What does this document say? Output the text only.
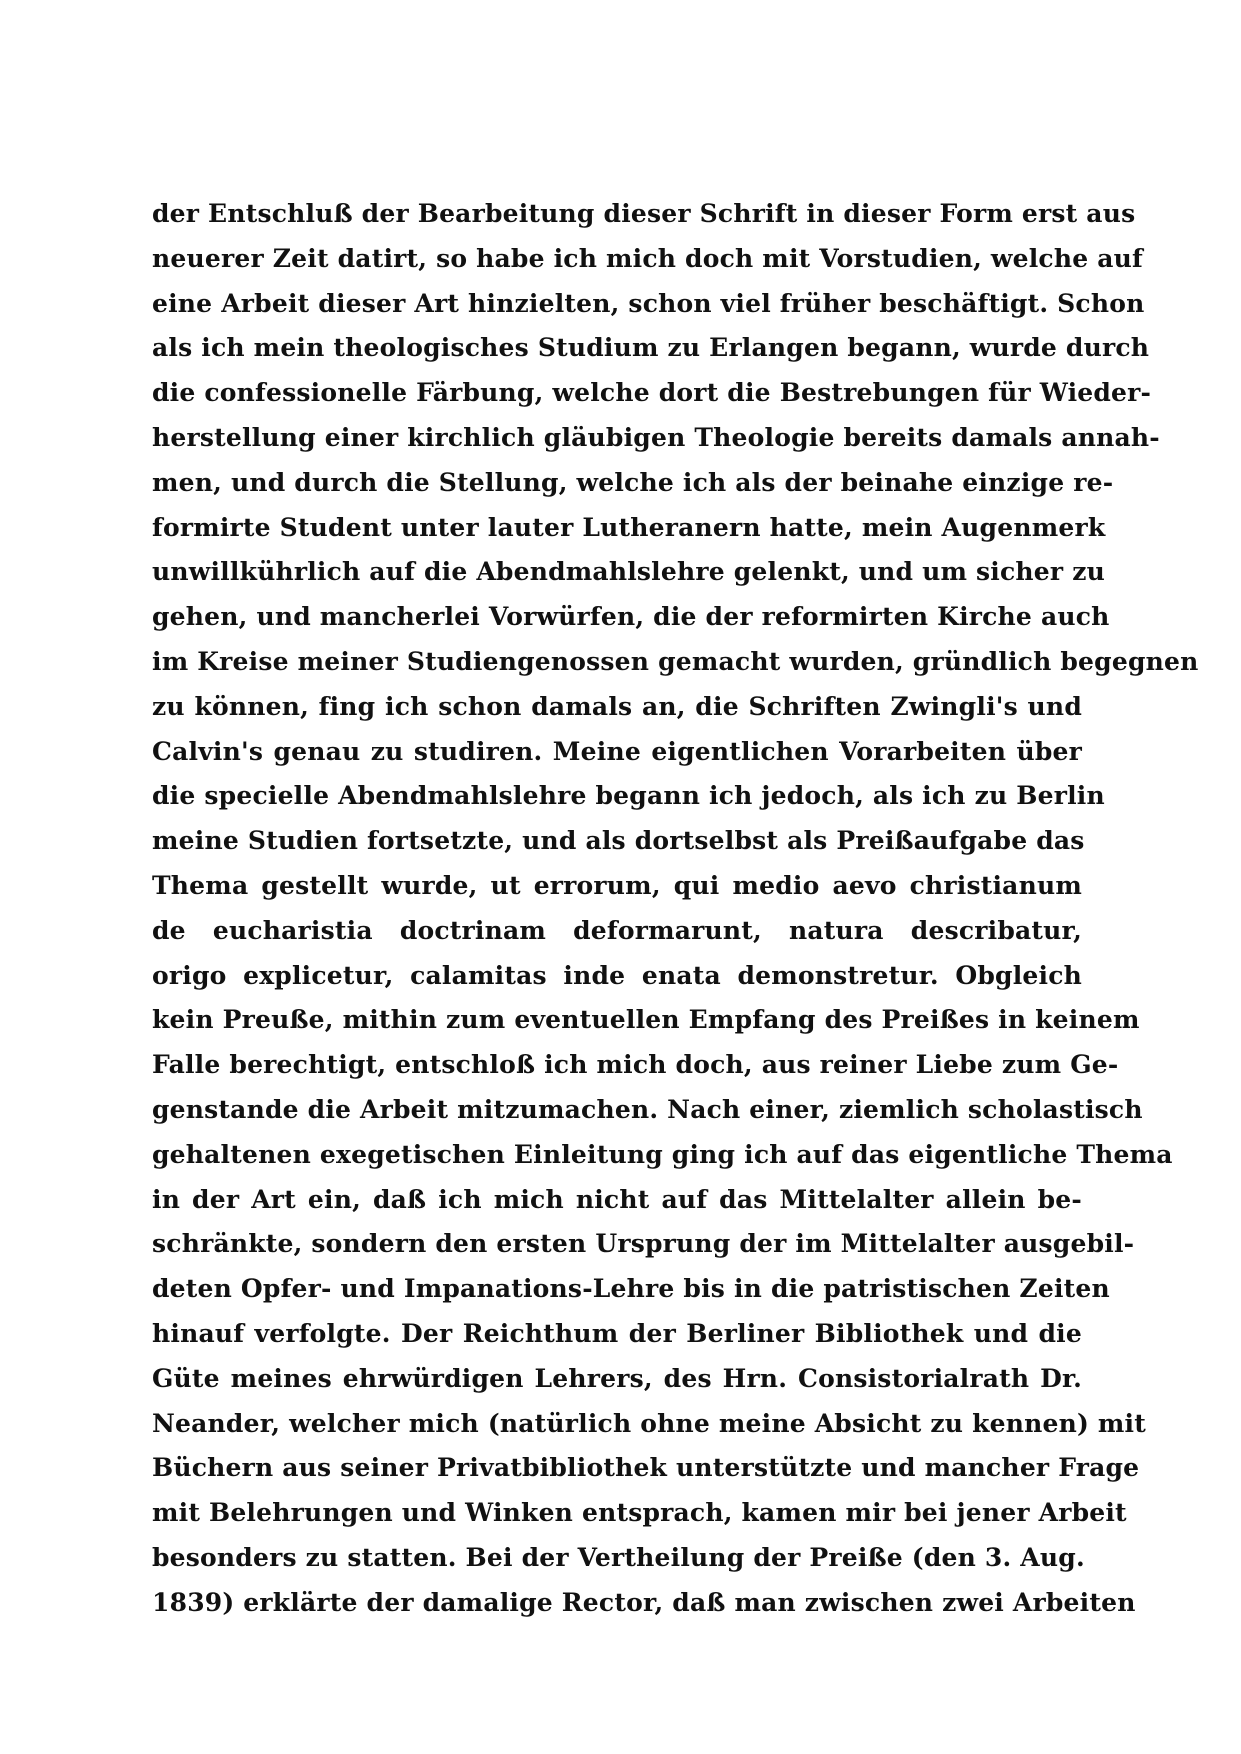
der Entschluß der Bearbeitung dieser Schrift in dieser Form erst aus
neuerer Zeit datirt, so habe ich mich doch mit Vorstudien, welche auf
eine Arbeit dieser Art hinzielten, schon viel früher beschäftigt. Schon
als ich mein theologisches Studium zu Erlangen begann, wurde durch
die confessionelle Färbung, welche dort die Bestrebungen für Wieder-
herstellung einer kirchlich gläubigen Theologie bereits damals annah-
men, und durch die Stellung, welche ich als der beinahe einzige re-
formirte Student unter lauter Lutheranern hatte, mein Augenmerk
unwillkührlich auf die Abendmahlslehre gelenkt, und um sicher zu
gehen, und mancherlei Vorwürfen, die der reformirten Kirche auch
im Kreise meiner Studiengenossen gemacht wurden, gründlich begegnen
zu können, fing ich schon damals an, die Schriften Zwingli's und
Calvin's genau zu studiren. Meine eigentlichen Vorarbeiten über
die specielle Abendmahlslehre begann ich jedoch, als ich zu Berlin
meine Studien fortsetzte, und als dortselbst als Preißaufgabe das
Thema gestellt wurde, ut errorum, qui medio aevo christianum
de eucharistia doctrinam deformarunt, natura describatur,
origo explicetur, calamitas inde enata demonstretur. Obgleich
kein Preuße, mithin zum eventuellen Empfang des Preißes in keinem
Falle berechtigt, entschloß ich mich doch, aus reiner Liebe zum Ge-
genstande die Arbeit mitzumachen. Nach einer, ziemlich scholastisch
gehaltenen exegetischen Einleitung ging ich auf das eigentliche Thema
in der Art ein, daß ich mich nicht auf das Mittelalter allein be-
schränkte, sondern den ersten Ursprung der im Mittelalter ausgebil-
deten Opfer- und Impanations-Lehre bis in die patristischen Zeiten
hinauf verfolgte. Der Reichthum der Berliner Bibliothek und die
Güte meines ehrwürdigen Lehrers, des Hrn. Consistorialrath Dr.
Neander, welcher mich (natürlich ohne meine Absicht zu kennen) mit
Büchern aus seiner Privatbibliothek unterstützte und mancher Frage
mit Belehrungen und Winken entsprach, kamen mir bei jener Arbeit
besonders zu statten. Bei der Vertheilung der Preiße (den 3. Aug.
1839) erklärte der damalige Rector, daß man zwischen zwei Arbeiten
